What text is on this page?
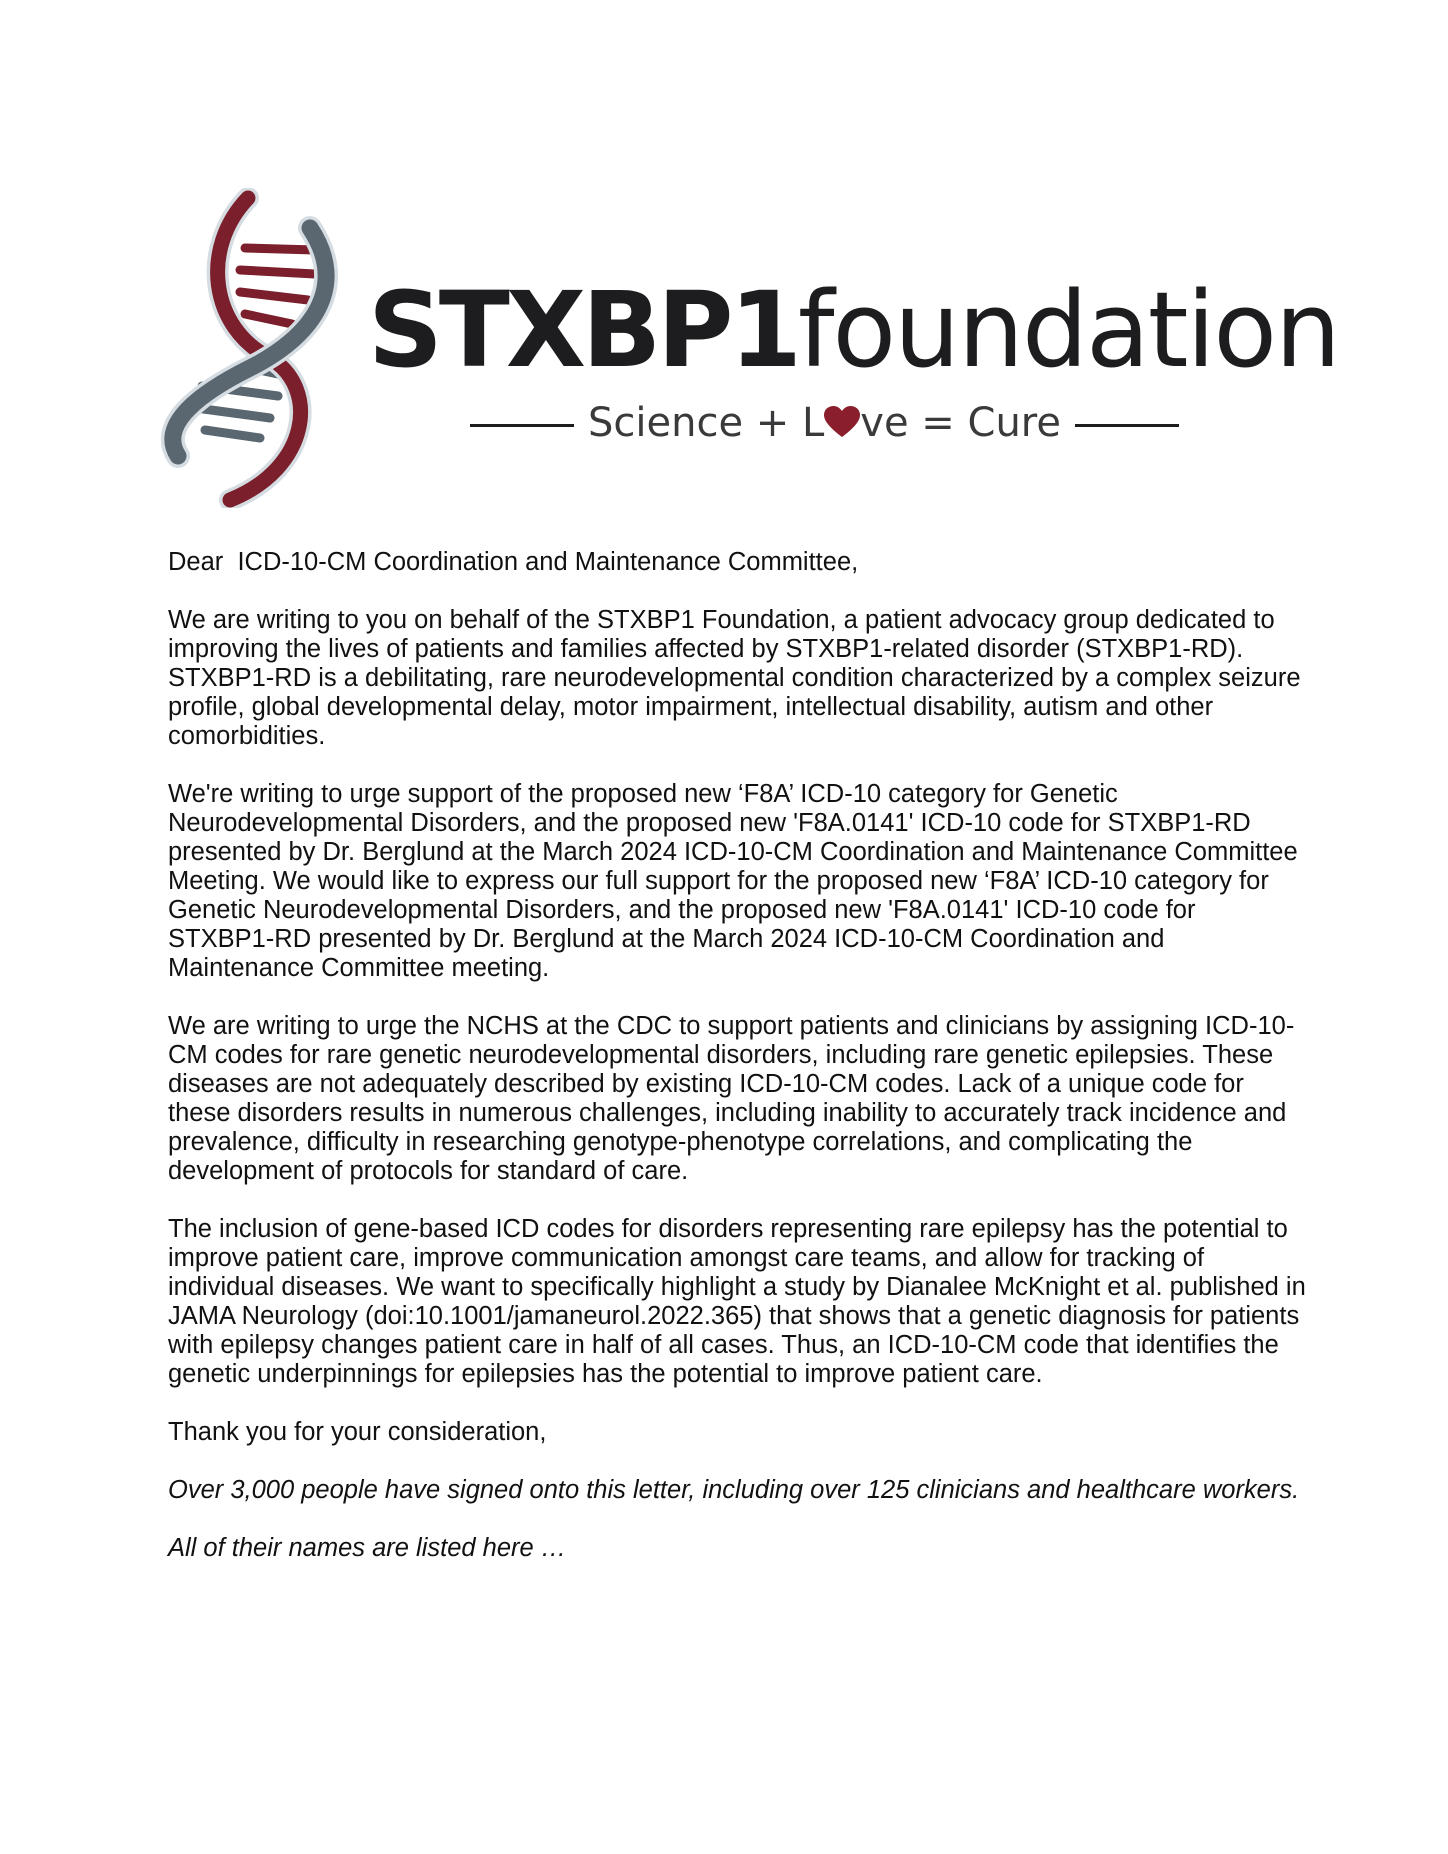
STXBP1foundation
Science + L ve = Cure

Dear  ICD-10-CM Coordination and Maintenance Committee,

We are writing to you on behalf of the STXBP1 Foundation, a patient advocacy group dedicated to improving the lives of patients and families affected by STXBP1-related disorder (STXBP1-RD). STXBP1-RD is a debilitating, rare neurodevelopmental condition characterized by a complex seizure profile, global developmental delay, motor impairment, intellectual disability, autism and other comorbidities.

We're writing to urge support of the proposed new ‘F8A’ ICD-10 category for Genetic Neurodevelopmental Disorders, and the proposed new 'F8A.0141' ICD-10 code for STXBP1-RD presented by Dr. Berglund at the March 2024 ICD-10-CM Coordination and Maintenance Committee Meeting. We would like to express our full support for the proposed new ‘F8A’ ICD-10 category for Genetic Neurodevelopmental Disorders, and the proposed new 'F8A.0141' ICD-10 code for STXBP1-RD presented by Dr. Berglund at the March 2024 ICD-10-CM Coordination and Maintenance Committee meeting.

We are writing to urge the NCHS at the CDC to support patients and clinicians by assigning ICD-10-CM codes for rare genetic neurodevelopmental disorders, including rare genetic epilepsies. These diseases are not adequately described by existing ICD-10-CM codes. Lack of a unique code for these disorders results in numerous challenges, including inability to accurately track incidence and prevalence, difficulty in researching genotype-phenotype correlations, and complicating the development of protocols for standard of care.

The inclusion of gene-based ICD codes for disorders representing rare epilepsy has the potential to improve patient care, improve communication amongst care teams, and allow for tracking of individual diseases. We want to specifically highlight a study by Dianalee McKnight et al. published in JAMA Neurology (doi:10.1001/jamaneurol.2022.365) that shows that a genetic diagnosis for patients with epilepsy changes patient care in half of all cases. Thus, an ICD-10-CM code that identifies the genetic underpinnings for epilepsies has the potential to improve patient care.

Thank you for your consideration,

Over 3,000 people have signed onto this letter, including over 125 clinicians and healthcare workers.

All of their names are listed here …
